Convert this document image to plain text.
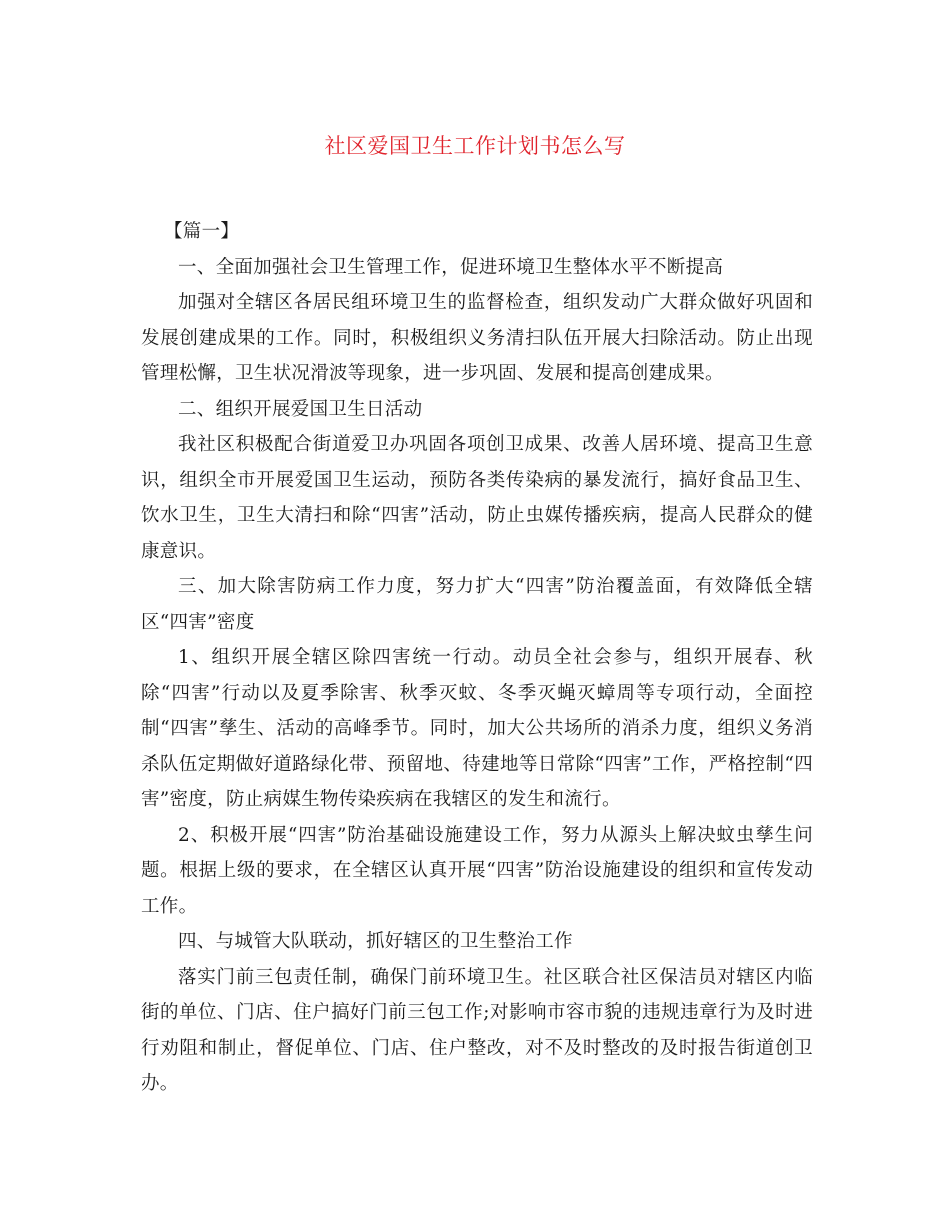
社区爱国卫生工作计划书怎么写

【篇一】

一、全面加强社会卫生管理工作，促进环境卫生整体水平不断提高

加强对全辖区各居民组环境卫生的监督检查，组织发动广大群众做好巩固和发展创建成果的工作。同时，积极组织义务清扫队伍开展大扫除活动。防止出现管理松懈，卫生状况滑波等现象，进一步巩固、发展和提高创建成果。

二、组织开展爱国卫生日活动

我社区积极配合街道爱卫办巩固各项创卫成果、改善人居环境、提高卫生意识，组织全市开展爱国卫生运动，预防各类传染病的暴发流行，搞好食品卫生、饮水卫生，卫生大清扫和除“四害”活动，防止虫媒传播疾病，提高人民群众的健康意识。

三、加大除害防病工作力度，努力扩大“四害”防治覆盖面，有效降低全辖区“四害”密度

1、组织开展全辖区除四害统一行动。动员全社会参与，组织开展春、秋除“四害”行动以及夏季除害、秋季灭蚊、冬季灭蝇灭蟑周等专项行动，全面控制“四害”孳生、活动的高峰季节。同时，加大公共场所的消杀力度，组织义务消杀队伍定期做好道路绿化带、预留地、待建地等日常除“四害”工作，严格控制“四害”密度，防止病媒生物传染疾病在我辖区的发生和流行。

2、积极开展“四害”防治基础设施建设工作，努力从源头上解决蚊虫孳生问题。根据上级的要求，在全辖区认真开展“四害”防治设施建设的组织和宣传发动工作。

四、与城管大队联动，抓好辖区的卫生整治工作

落实门前三包责任制，确保门前环境卫生。社区联合社区保洁员对辖区内临街的单位、门店、住户搞好门前三包工作;对影响市容市貌的违规违章行为及时进行劝阻和制止，督促单位、门店、住户整改，对不及时整改的及时报告街道创卫办。
